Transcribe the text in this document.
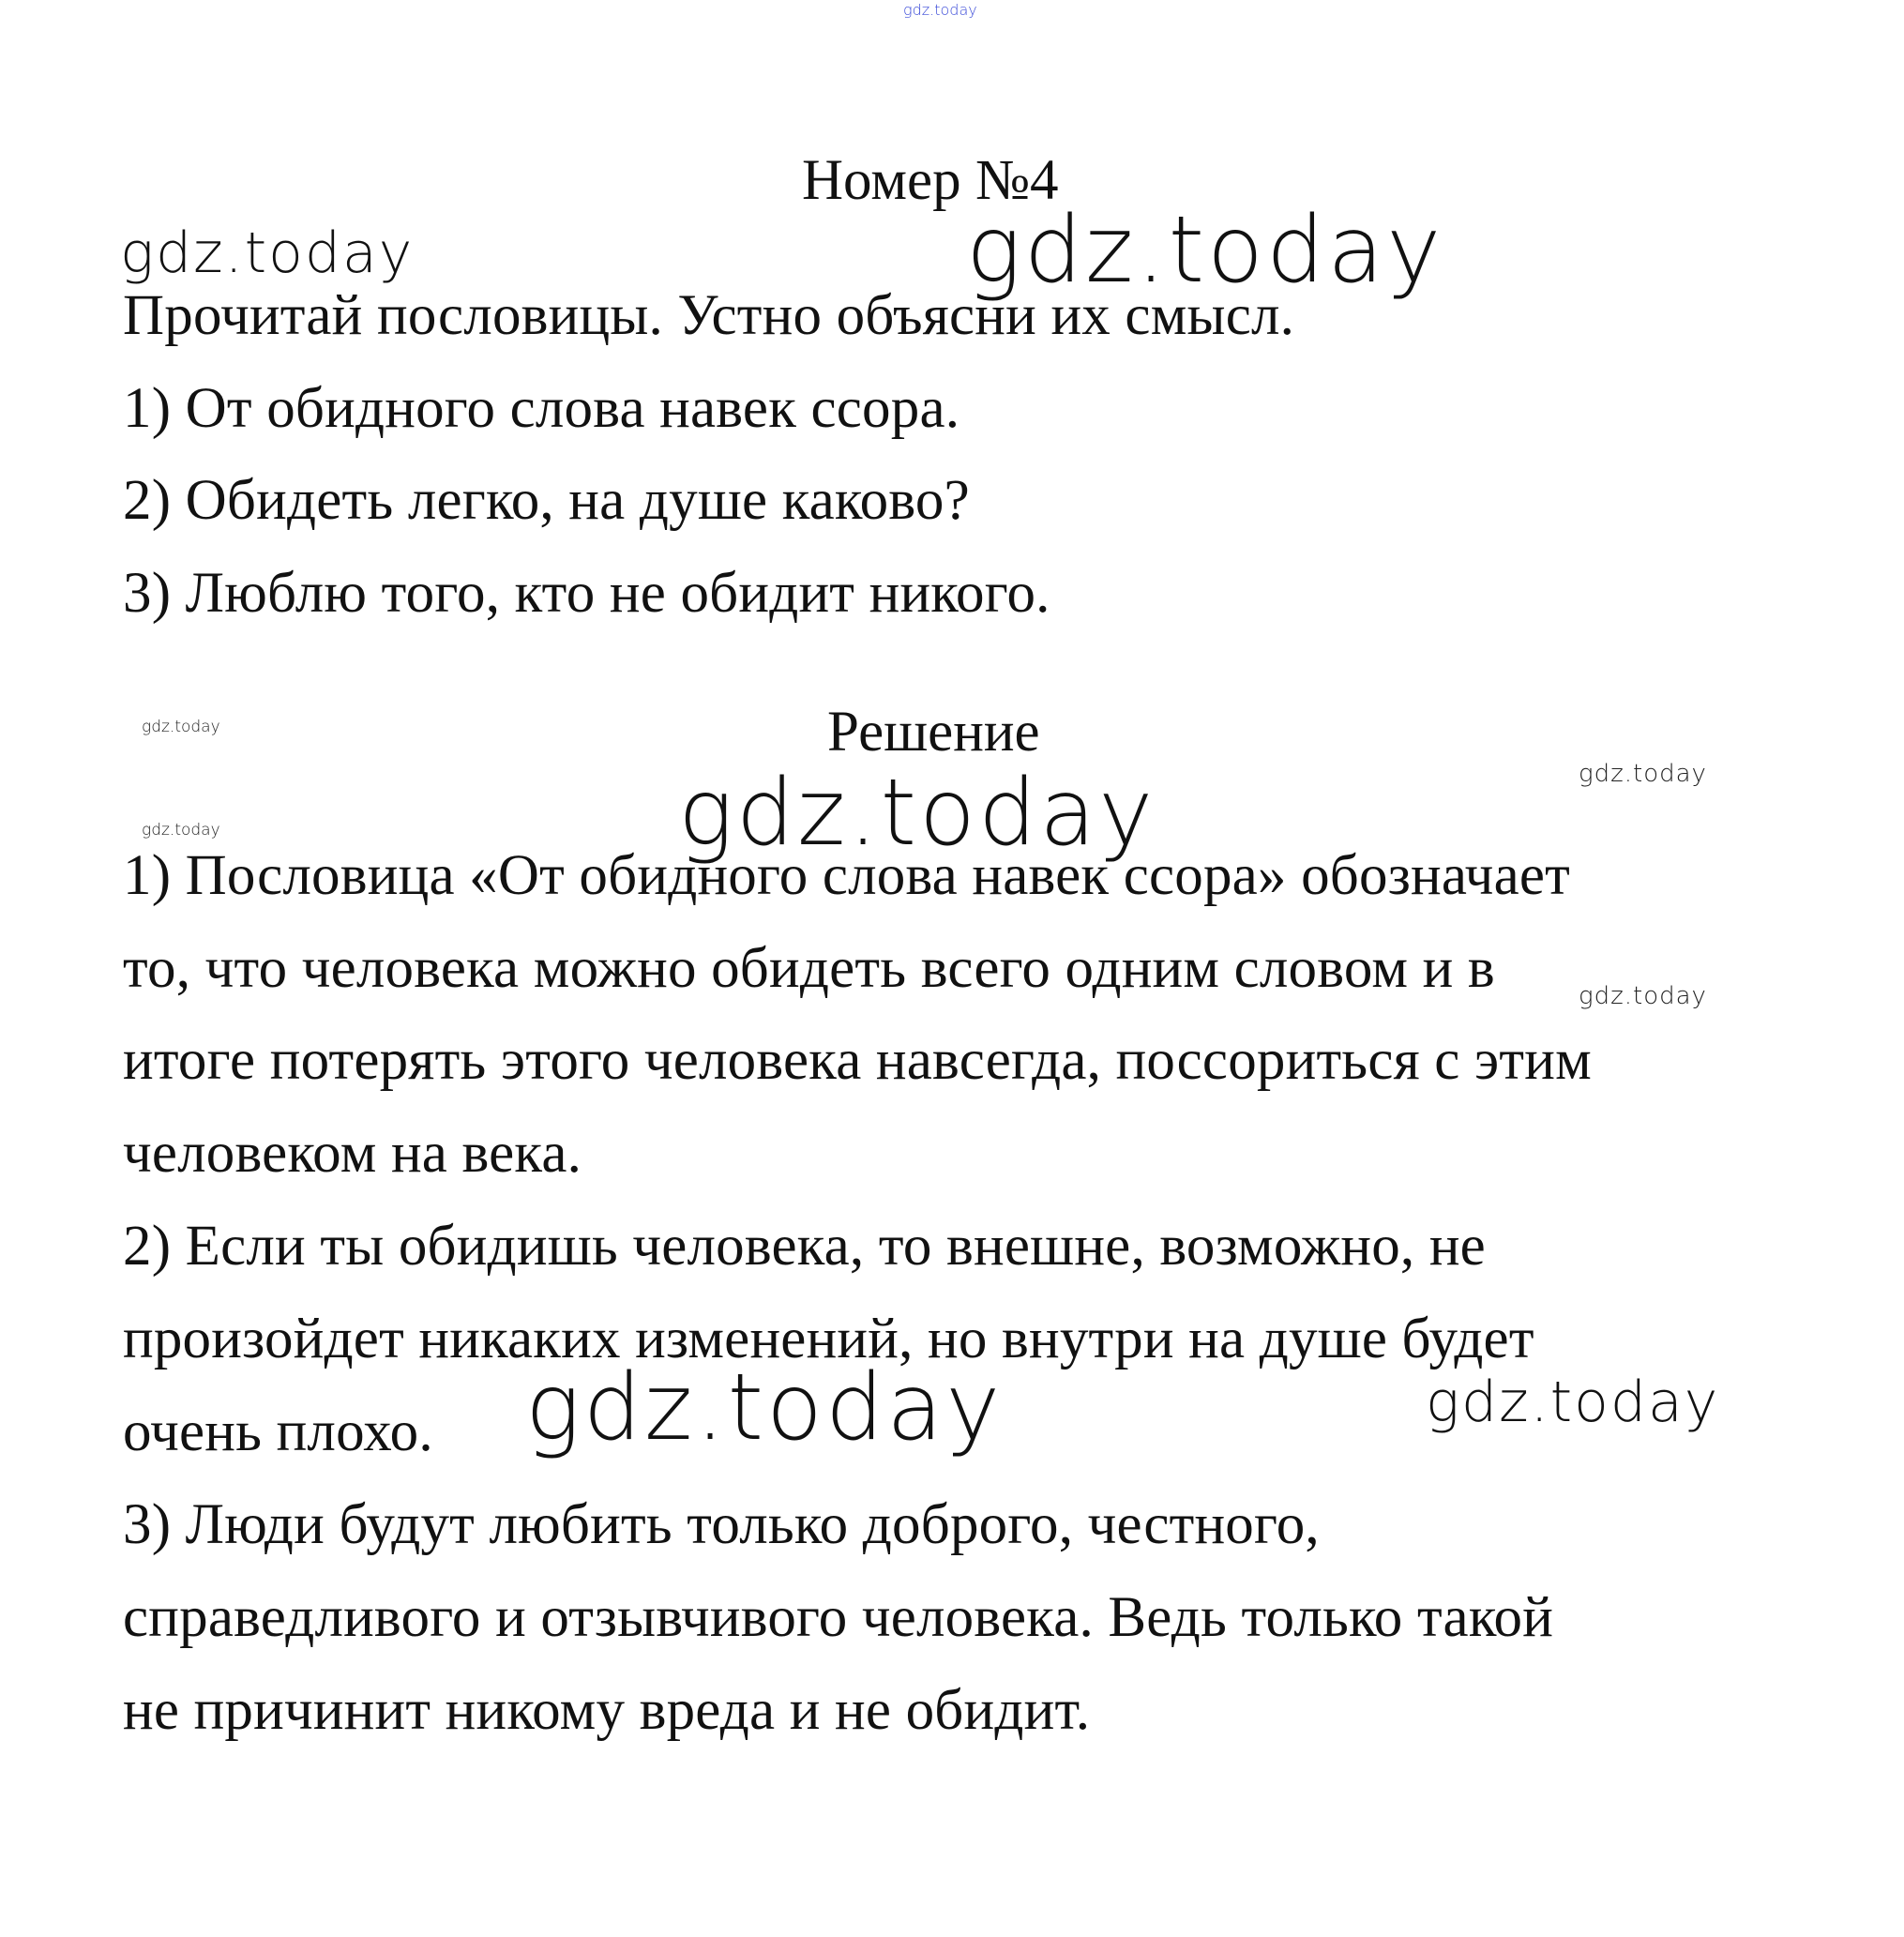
gdz.today
Номер №4
gdz.today	gdz.today
Прочитай пословицы. Устно объясни их смысл.
1) От обидного слова навек ссора.
2) Обидеть легко, на душе каково?
3) Люблю того, кто не обидит никого.
Решение
gdz.today
gdz.today
gdz.today
gdz.today
1) Пословица «От обидного слова навек ссора» обозначает
то, что человека можно обидеть всего одним словом и в	gdz.today
итоге потерять этого человека навсегда, поссориться с этим
человеком на века.
2) Если ты обидишь человека, то внешне, возможно, не
произойдет никаких изменений, но внутри на душе будет
очень плохо. gdz.today	gdz.today
3) Люди будут любить только доброго, честного,
справедливого и отзывчивого человека. Ведь только такой
не причинит никому вреда и не обидит.
